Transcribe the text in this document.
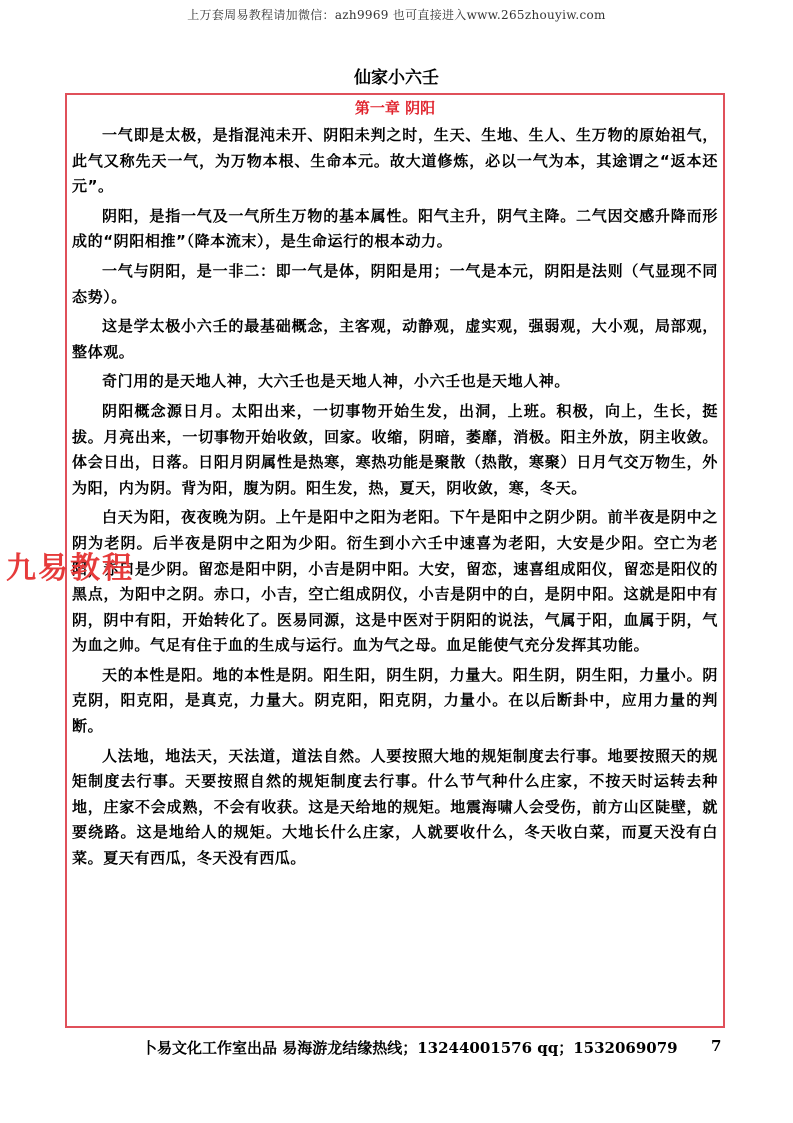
上万套周易教程请加微信：azh9969 也可直接进入www.265zhouyiw.com
仙家小六壬
第一章 阴阳

一气即是太极，是指混沌未开、阴阳未判之时，生天、生地、生人、生万物的原始祖气，此气又称先天一气，为万物本根、生命本元。故大道修炼，必以一气为本，其途谓之“返本还元”。

阴阳，是指一气及一气所生万物的基本属性。阳气主升，阴气主降。二气因交感升降而形成的“阴阳相推”（降本流末），是生命运行的根本动力。

一气与阴阳，是一非二：即一气是体，阴阳是用；一气是本元，阴阳是法则（气显现不同态势）。

这是学太极小六壬的最基础概念，主客观，动静观，虚实观，强弱观，大小观，局部观，整体观。

奇门用的是天地人神，大六壬也是天地人神，小六壬也是天地人神。

阴阳概念源日月。太阳出来，一切事物开始生发，出洞，上班。积极，向上，生长，挺拔。月亮出来，一切事物开始收敛，回家。收缩，阴暗，萎靡，消极。阳主外放，阴主收敛。体会日出，日落。日阳月阴属性是热寒，寒热功能是聚散（热散，寒聚）日月气交万物生，外为阳，内为阴。背为阳，腹为阴。阳生发，热，夏天，阴收敛，寒，冬天。

白天为阳，夜夜晚为阴。上午是阳中之阳为老阳。下午是阳中之阴少阴。前半夜是阴中之阴为老阴。后半夜是阴中之阳为少阳。衍生到小六壬中速喜为老阳，大安是少阳。空亡为老阳，赤口是少阴。留恋是阳中阴，小吉是阴中阳。大安，留恋，速喜组成阳仪，留恋是阳仪的黑点，为阳中之阴。赤口，小吉，空亡组成阴仪，小吉是阴中的白，是阴中阳。这就是阳中有阴，阴中有阳，开始转化了。医易同源，这是中医对于阴阳的说法，气属于阳，血属于阴，气为血之帅。气足有住于血的生成与运行。血为气之母。血足能使气充分发挥其功能。

天的本性是阳。地的本性是阴。阳生阳，阴生阴，力量大。阳生阴，阴生阳，力量小。阴克阴，阳克阳，是真克，力量大。阴克阳，阳克阴，力量小。在以后断卦中，应用力量的判断。

人法地，地法天，天法道，道法自然。人要按照大地的规矩制度去行事。地要按照天的规矩制度去行事。天要按照自然的规矩制度去行事。什么节气种什么庄家，不按天时运转去种地，庄家不会成熟，不会有收获。这是天给地的规矩。地震海啸人会受伤，前方山区陡壁，就要绕路。这是地给人的规矩。大地长什么庄家，人就要收什么，冬天收白菜，而夏天没有白菜。夏天有西瓜，冬天没有西瓜。

九易教程
卜易文化工作室出品 易海游龙结缘热线；13244001576 qq；1532069079 7
